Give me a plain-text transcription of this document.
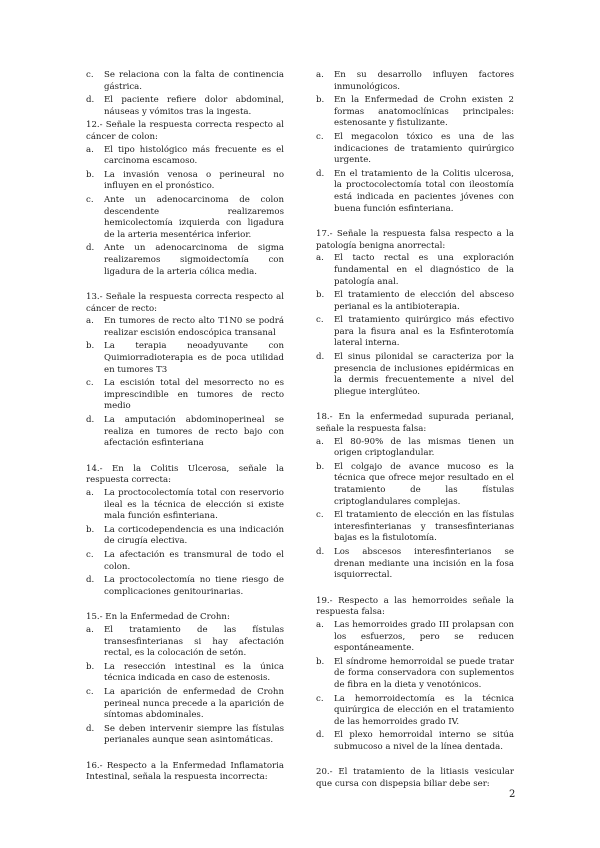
c. Se relaciona con la falta de continencia gástrica.
d. El paciente refiere dolor abdominal, náuseas y vómitos tras la ingesta.
12.- Señale la respuesta correcta respecto al cáncer de colon:
a. El tipo histológico más frecuente es el carcinoma escamoso.
b. La invasión venosa o perineural no influyen en el pronóstico.
c. Ante un adenocarcinoma de colon descendente realizaremos hemicolectomía izquierda con ligadura de la arteria mesentérica inferior.
d. Ante un adenocarcinoma de sigma realizaremos sigmoidectomía con ligadura de la arteria cólica media.
13.- Señale la respuesta correcta respecto al cáncer de recto:
a. En tumores de recto alto T1N0 se podrá realizar escisión endoscópica transanal
b. La terapia neoadyuvante con Quimiorradioterapia es de poca utilidad en tumores T3
c. La escisión total del mesorrecto no es imprescindible en tumores de recto medio
d. La amputación abdominoperineal se realiza en tumores de recto bajo con afectación esfinteriana
14.- En la Colitis Ulcerosa, señale la respuesta correcta:
a. La proctocolectomía total con reservorio ileal es la técnica de elección si existe mala función esfinteriana.
b. La corticodependencia es una indicación de cirugía electiva.
c. La afectación es transmural de todo el colon.
d. La proctocolectomía no tiene riesgo de complicaciones genitourinarias.
15.- En la Enfermedad de Crohn:
a. El tratamiento de las fístulas transesfinterianas si hay afectación rectal, es la colocación de setón.
b. La resección intestinal es la única técnica indicada en caso de estenosis.
c. La aparición de enfermedad de Crohn perineal nunca precede a la aparición de síntomas abdominales.
d. Se deben intervenir siempre las fístulas perianales aunque sean asintomáticas.
16.- Respecto a la Enfermedad Inflamatoria Intestinal, señala la respuesta incorrecta:
a. En su desarrollo influyen factores inmunológicos.
b. En la Enfermedad de Crohn existen 2 formas anatomoclínicas principales: estenosante y fistulizante.
c. El megacolon tóxico es una de las indicaciones de tratamiento quirúrgico urgente.
d. En el tratamiento de la Colitis ulcerosa, la proctocolectomía total con ileostomía está indicada en pacientes jóvenes con buena función esfinteriana.
17.- Señale la respuesta falsa respecto a la patología benigna anorrectal:
a. El tacto rectal es una exploración fundamental en el diagnóstico de la patología anal.
b. El tratamiento de elección del absceso perianal es la antibioterapia.
c. El tratamiento quirúrgico más efectivo para la fisura anal es la Esfinterotomía lateral interna.
d. El sinus pilonidal se caracteriza por la presencia de inclusiones epidérmicas en la dermis frecuentemente a nivel del pliegue interglúteo.
18.- En la enfermedad supurada perianal, señale la respuesta falsa:
a. El 80-90% de las mismas tienen un origen criptoglandular.
b. El colgajo de avance mucoso es la técnica que ofrece mejor resultado en el tratamiento de las fístulas criptoglandulares complejas.
c. El tratamiento de elección en las fístulas interesfinterianas y transesfinterianas bajas es la fistulotomía.
d. Los abscesos interesfinterianos se drenan mediante una incisión en la fosa isquiorrectal.
19.- Respecto a las hemorroides señale la respuesta falsa:
a. Las hemorroides grado III prolapsan con los esfuerzos, pero se reducen espontáneamente.
b. El síndrome hemorroidal se puede tratar de forma conservadora con suplementos de fibra en la dieta y venotónicos.
c. La hemorroidectomía es la técnica quirúrgica de elección en el tratamiento de las hemorroides grado IV.
d. El plexo hemorroidal interno se sitúa submucoso a nivel de la línea dentada.
20.- El tratamiento de la litiasis vesicular que cursa con dispepsia biliar debe ser:
2
